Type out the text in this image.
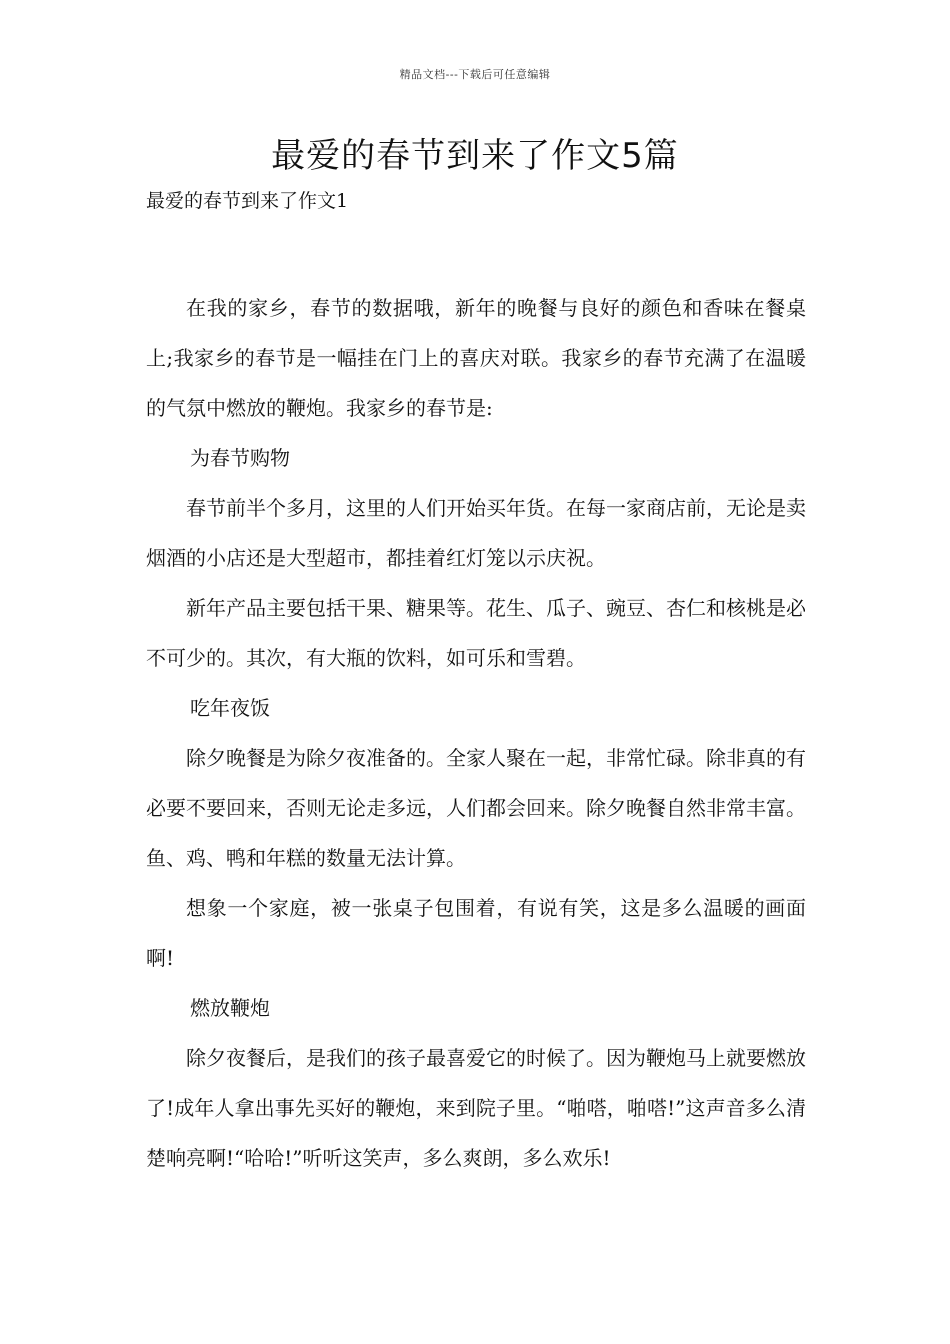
精品文档---下载后可任意编辑
最爱的春节到来了作文5篇
最爱的春节到来了作文1

在我的家乡，春节的数据哦，新年的晚餐与良好的颜色和香味在餐桌上;我家乡的春节是一幅挂在门上的喜庆对联。我家乡的春节充满了在温暖的气氛中燃放的鞭炮。我家乡的春节是:

为春节购物

春节前半个多月，这里的人们开始买年货。在每一家商店前，无论是卖烟酒的小店还是大型超市，都挂着红灯笼以示庆祝。

新年产品主要包括干果、糖果等。花生、瓜子、豌豆、杏仁和核桃是必不可少的。其次，有大瓶的饮料，如可乐和雪碧。

吃年夜饭

除夕晚餐是为除夕夜准备的。全家人聚在一起，非常忙碌。除非真的有必要不要回来，否则无论走多远，人们都会回来。除夕晚餐自然非常丰富。鱼、鸡、鸭和年糕的数量无法计算。

想象一个家庭，被一张桌子包围着，有说有笑，这是多么温暖的画面啊!

燃放鞭炮

除夕夜餐后，是我们的孩子最喜爱它的时候了。因为鞭炮马上就要燃放了!成年人拿出事先买好的鞭炮，来到院子里。“啪嗒，啪嗒!”这声音多么清楚响亮啊!“哈哈!”听听这笑声，多么爽朗，多么欢乐!
